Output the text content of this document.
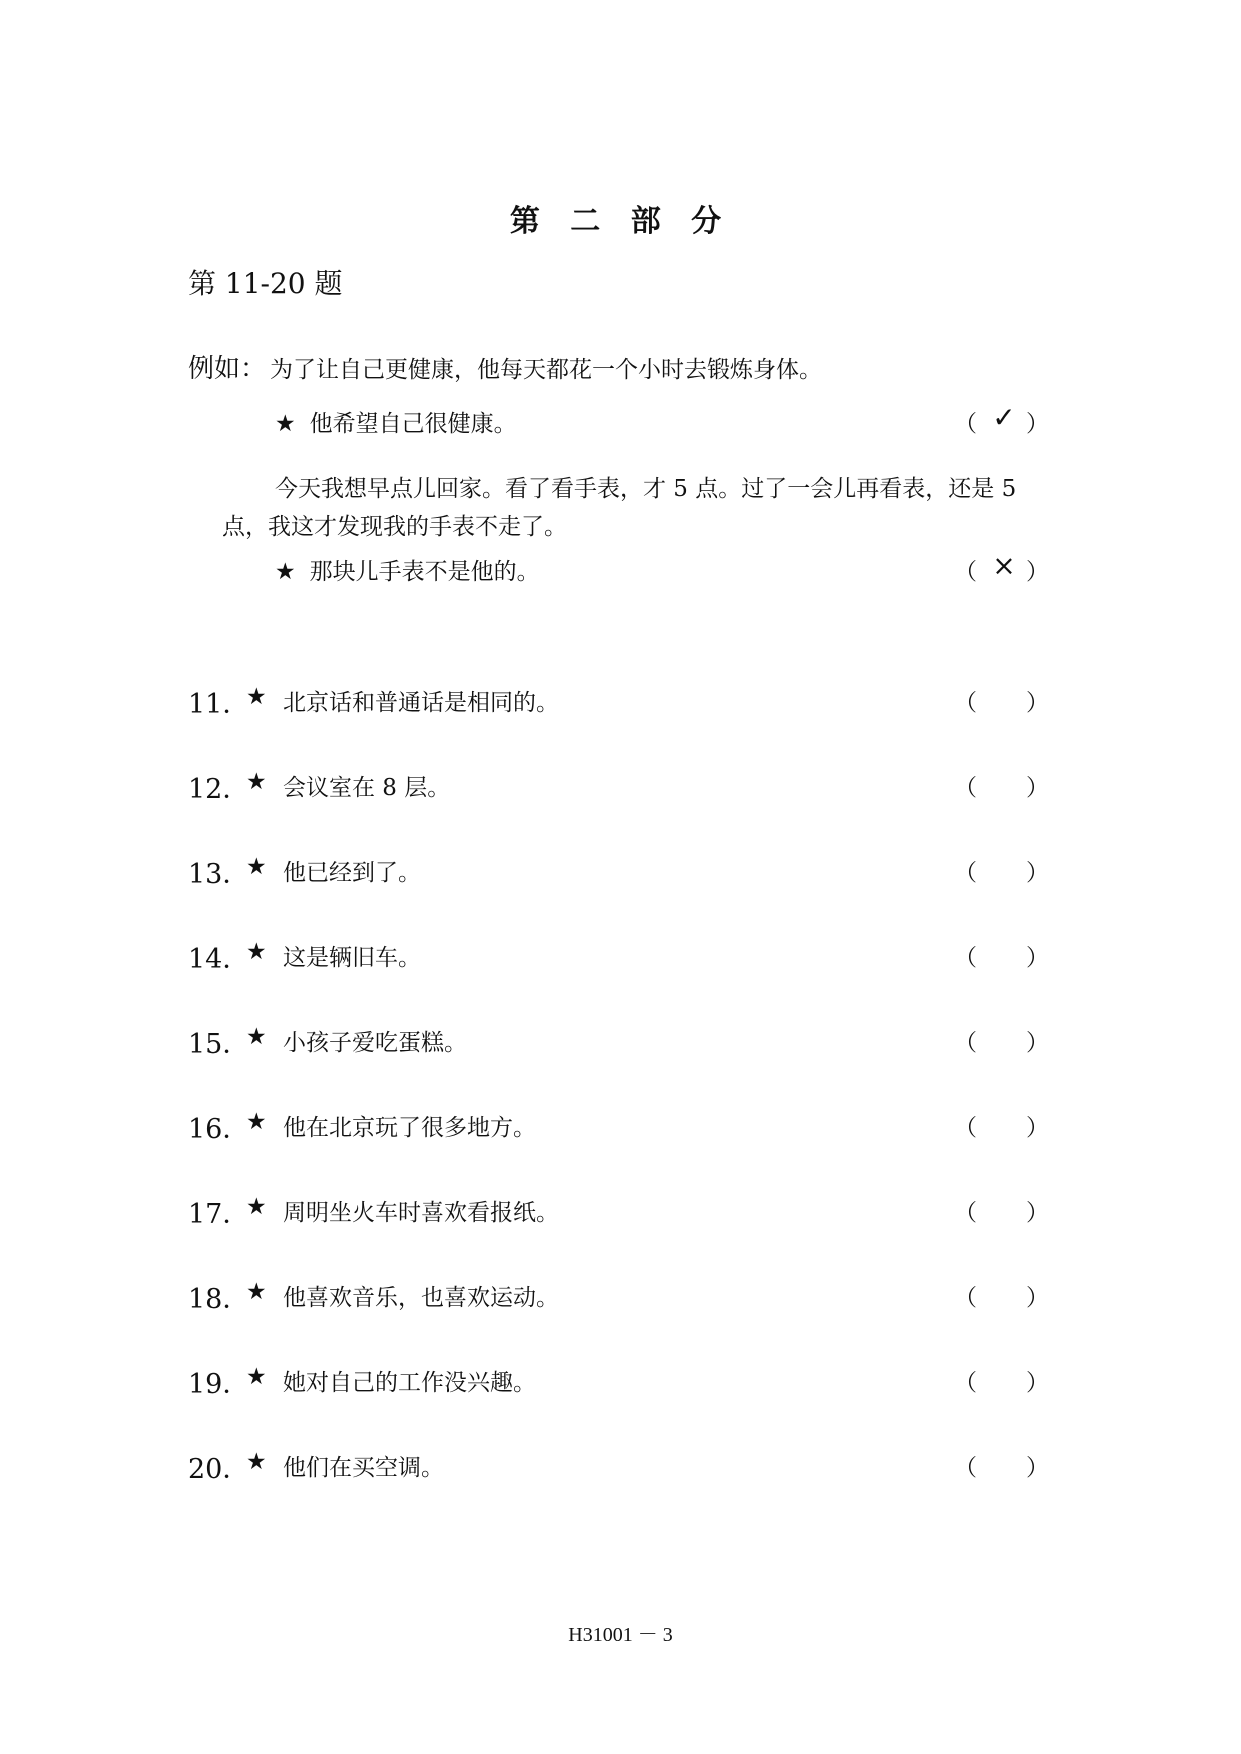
第 二 部 分
第 11-20 题
例如： 为了让自己更健康，他每天都花一个小时去锻炼身体。
★ 他希望自己很健康。	（ ✓ ）
今天我想早点儿回家。看了看手表，才 5 点。过了一会儿再看表，还是 5 点，我这才发现我的手表不走了。
★ 那块儿手表不是他的。	（ × ）
11．
★ 北京话和普通话是相同的。	（ ）
12．
★ 会议室在 8 层。	（ ）
13．
★ 他已经到了。	（ ）
14．
★ 这是辆旧车。	（ ）
15．
★ 小孩子爱吃蛋糕。	（ ）
16．
★ 他在北京玩了很多地方。	（ ）
17．
★ 周明坐火车时喜欢看报纸。	（ ）
18．
★ 他喜欢音乐，也喜欢运动。	（ ）
19．
★ 她对自己的工作没兴趣。	（ ）
20．
★ 他们在买空调。	（ ）
H31001 － 3
